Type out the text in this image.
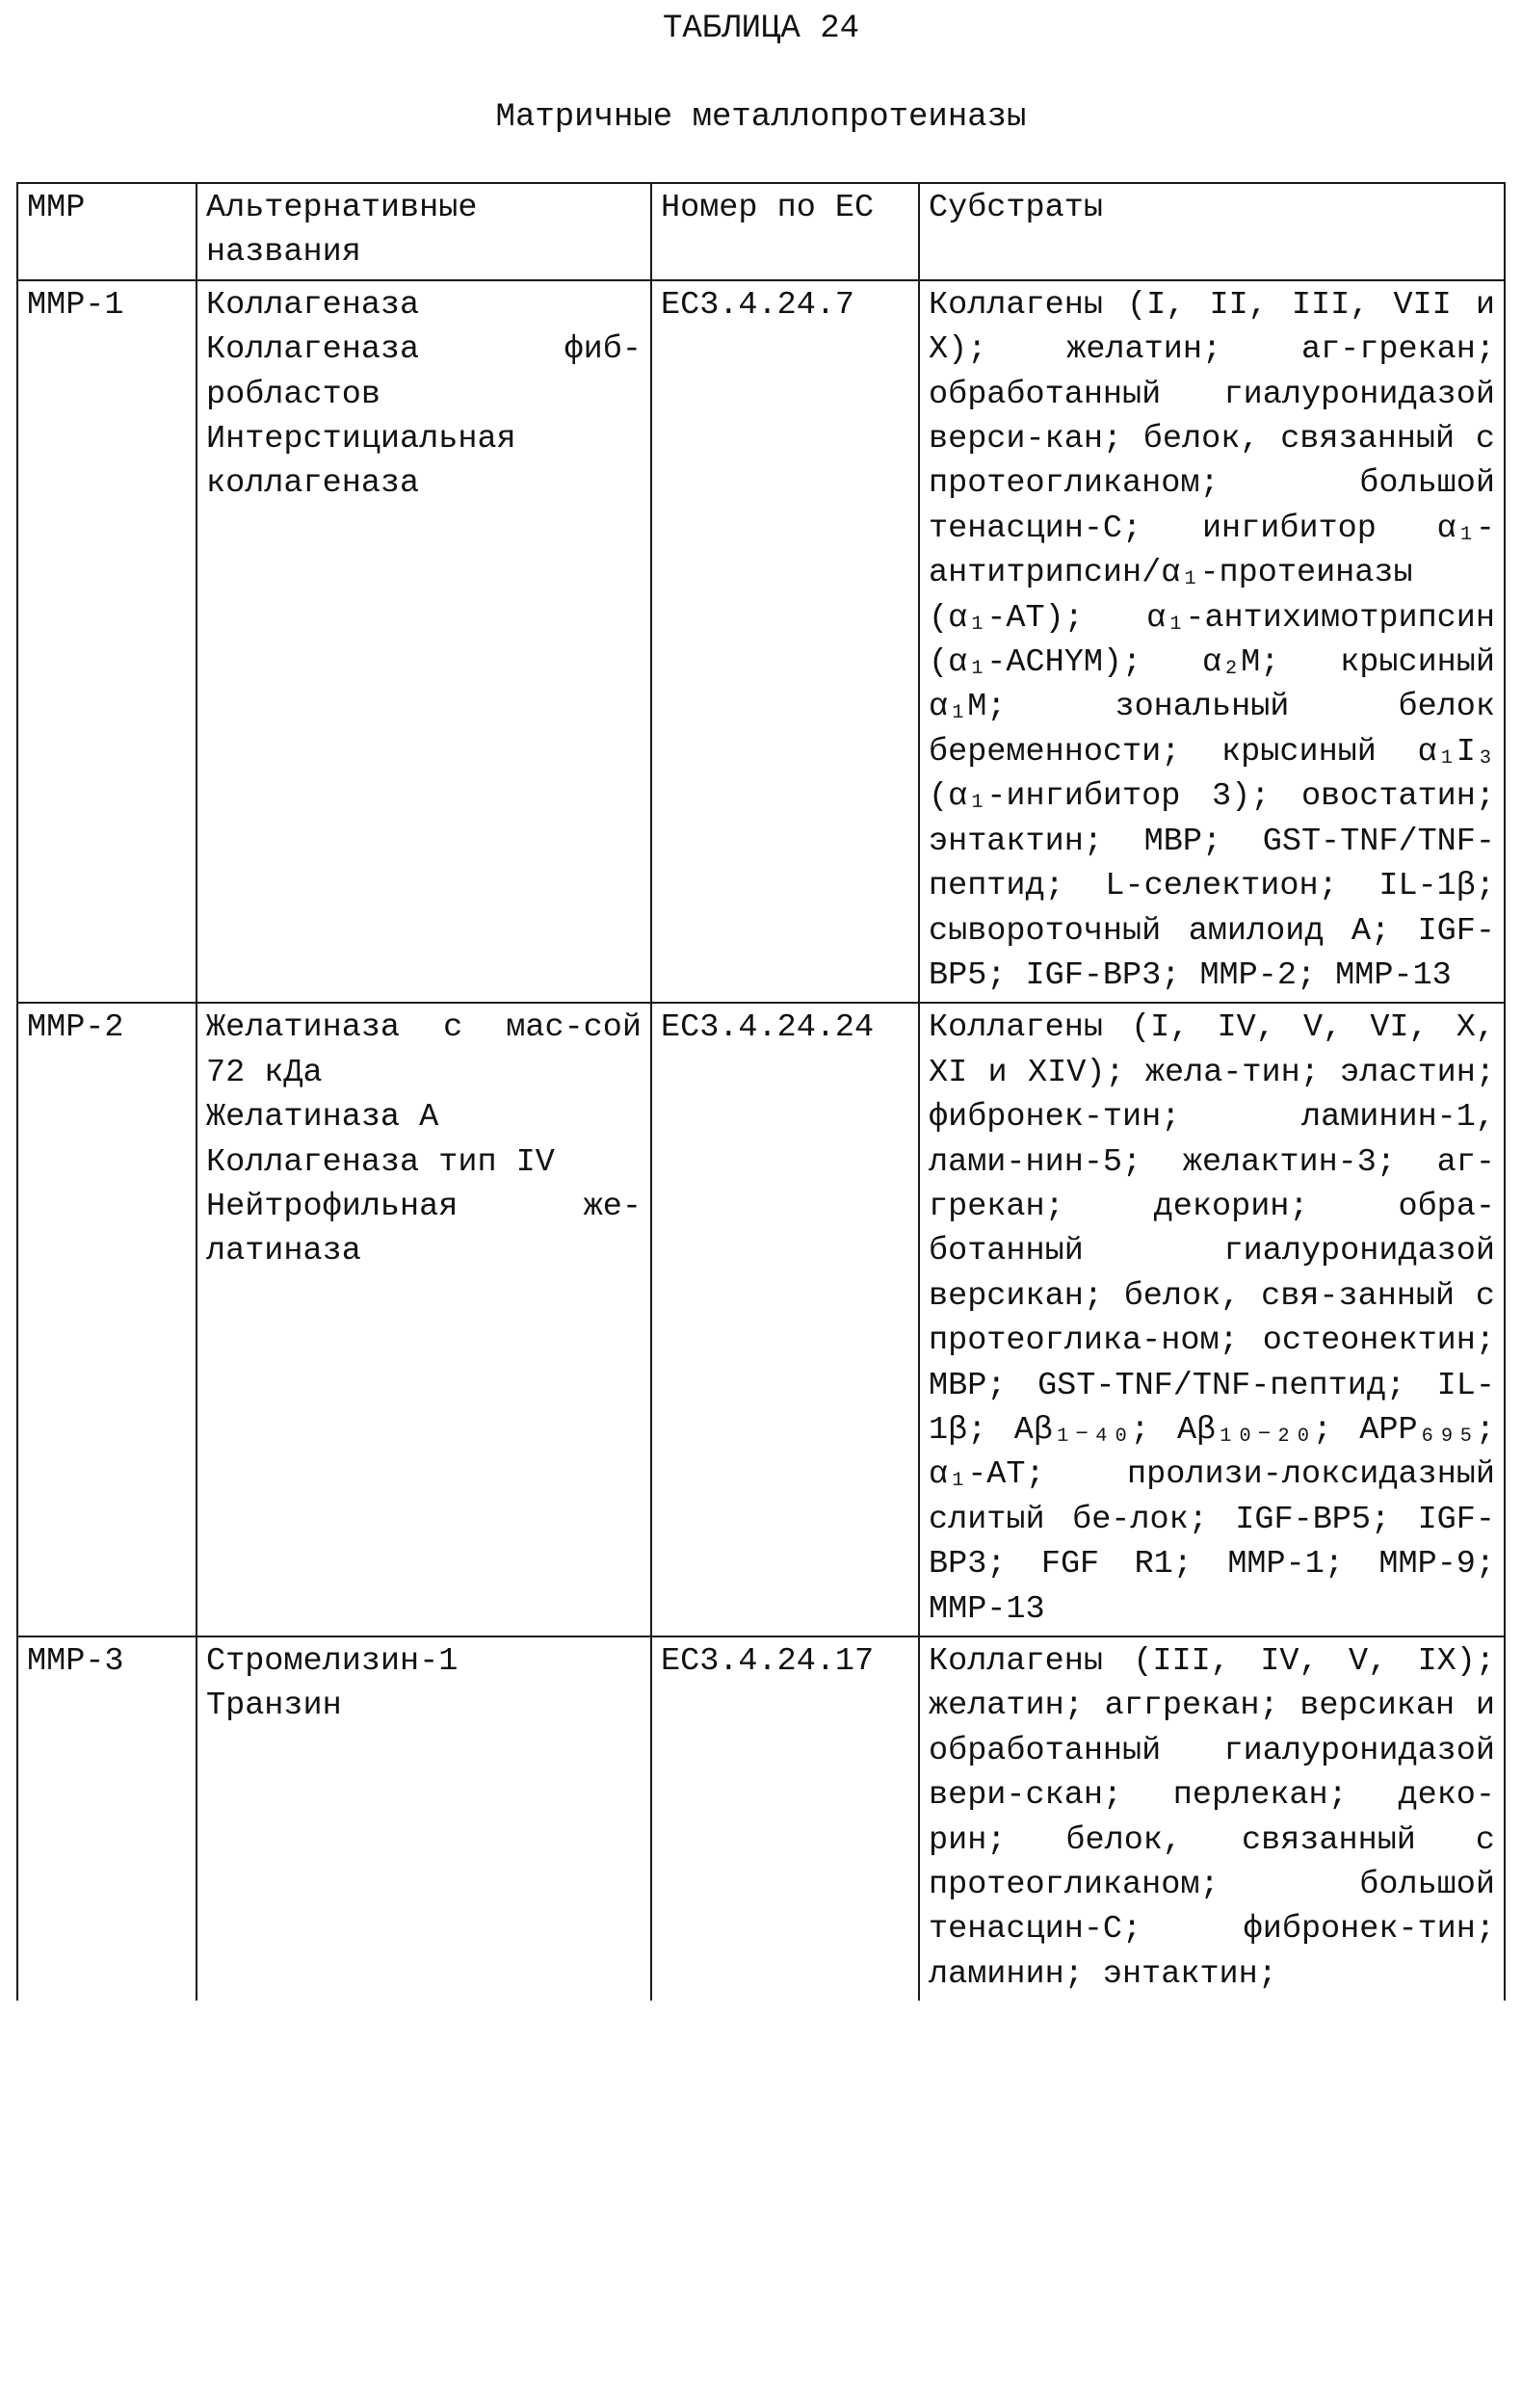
ТАБЛИЦА 24
Матричные металлопротеиназы
ММР	Альтернативные названия	Номер по ЕС	Субстраты
ММР-1	Коллагеназа
Коллагеназа фиб-робластов
Интерстициальная коллагеназа	ЕС3.4.24.7	Коллагены (I, II, III, VII и X); желатин; аг-грекан; обработанный гиалуронидазой верси-кан; белок, связанный с протеогликаном; большой тенасцин-С; ингибитор α₁-антитрипсин/α₁-протеиназы (α₁-АТ); α₁-антихимотрипсин (α₁-ACHYM); α₂М; крысиный α₁М; зональный белок беременности; крысиный α₁I₃ (α₁-ингибитор 3); овостатин; энтактин; МВР; GST-TNF/TNF-пептид; L-селектион; IL-1β; сывороточный амилоид А; IGF-BP5; IGF-BP3; ММР-2; ММР-13
ММР-2	Желатиназа с мас-сой 72 кДа
Желатиназа А
Коллагеназа тип IV
Нейтрофильная же-латиназа	ЕС3.4.24.24	Коллагены (I, IV, V, VI, X, XI и XIV); жела-тин; эластин; фибронек-тин; ламинин-1, лами-нин-5; желактин-3; аг-грекан; декорин; обра-ботанный гиалуронидазой версикан; белок, свя-занный с протеоглика-ном; остеонектин; МВР; GST-TNF/TNF-пептид; IL-1β; Аβ₁₋₄₀; Аβ₁₀₋₂₀; APP₆₉₅; α₁-АТ; пролизи-локсидазный слитый бе-лок; IGF-BP5; IGF-BP3; FGF R1; ММР-1; ММР-9; ММР-13
ММР-3	Стромелизин-1
Транзин	ЕС3.4.24.17	Коллагены (III, IV, V, IX); желатин; аггрекан; версикан и обработанный гиалуронидазой вери-скан; перлекан; деко-рин; белок, связанный с протеогликаном; большой тенасцин-С; фибронек-тин; ламинин; энтактин;
